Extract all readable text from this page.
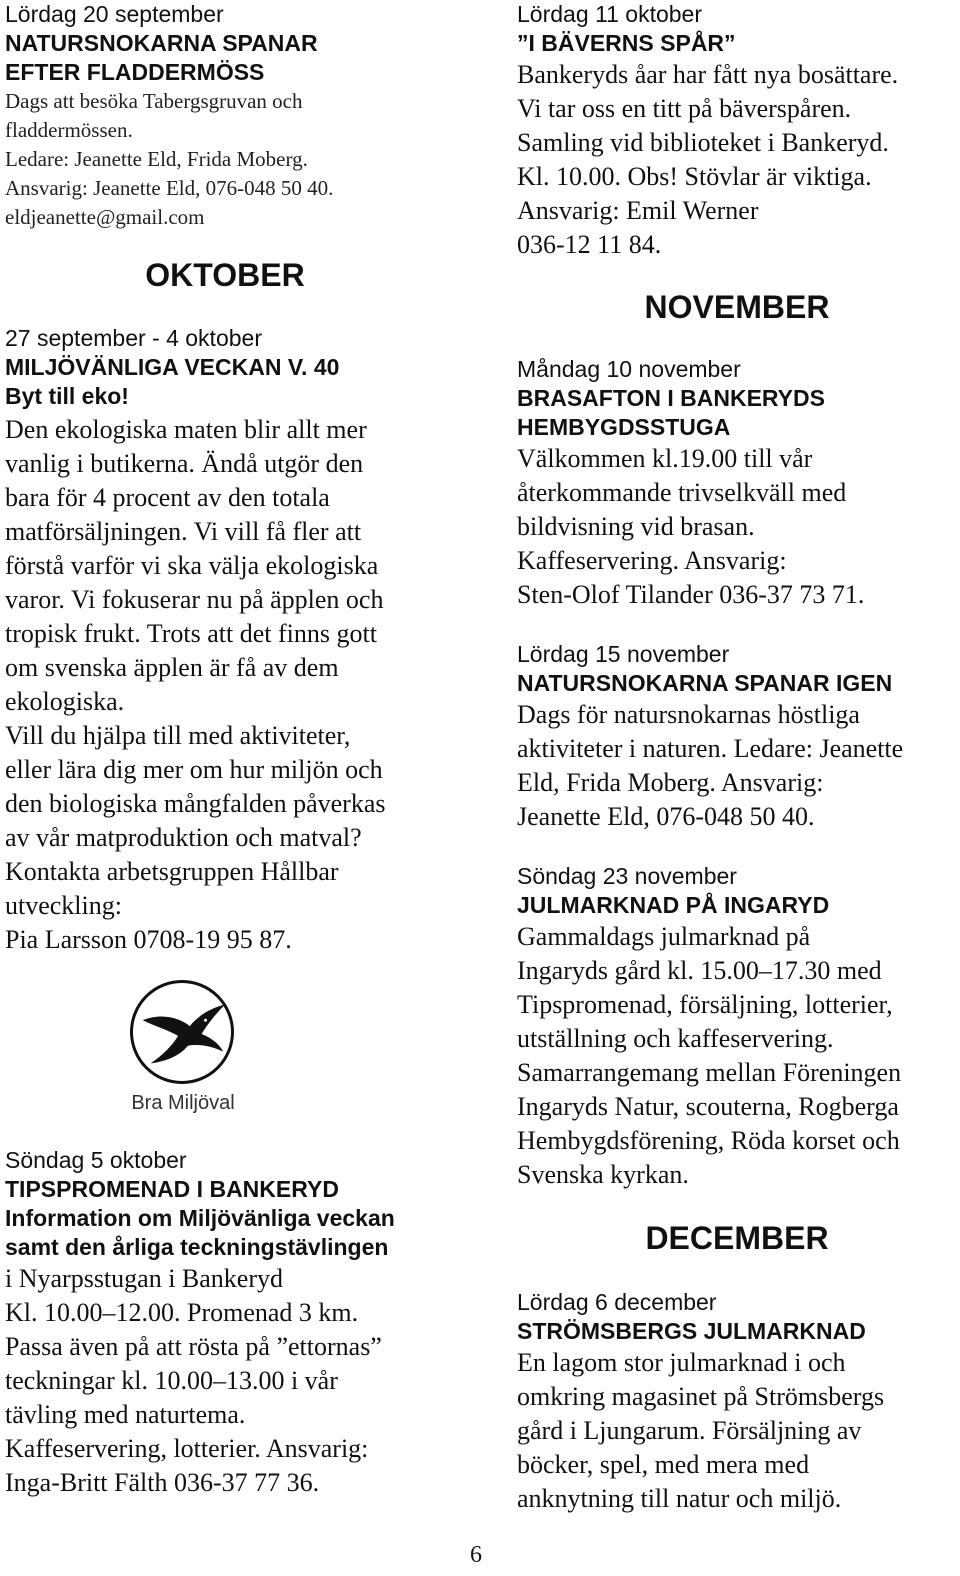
Lördag 20 september
NATURSNOKARNA SPANAR
EFTER FLADDERMÖSS
Dags att besöka Tabergsgruvan och
fladdermössen.
Ledare: Jeanette Eld, Frida Moberg.
Ansvarig: Jeanette Eld, 076-048 50 40.
eldjeanette@gmail.com
OKTOBER
27 september - 4 oktober
MILJÖVÄNLIGA VECKAN V. 40
Byt till eko!
Den ekologiska maten blir allt mer
vanlig i butikerna. Ändå utgör den
bara för 4 procent av den totala
matförsäljningen. Vi vill få fler att
förstå varför vi ska välja ekologiska
varor. Vi fokuserar nu på äpplen och
tropisk frukt. Trots att det finns gott
om svenska äpplen är få av dem
ekologiska.
Vill du hjälpa till med aktiviteter,
eller lära dig mer om hur miljön och
den biologiska mångfalden påverkas
av vår matproduktion och matval?
Kontakta arbetsgruppen Hållbar
utveckling:
Pia Larsson 0708-19 95 87.
Söndag 5 oktober
TIPSPROMENAD I BANKERYD
Information om Miljövänliga veckan
samt den årliga teckningstävlingen
i Nyarpsstugan i Bankeryd
Kl. 10.00–12.00. Promenad 3 km.
Passa även på att rösta på ”ettornas”
teckningar kl. 10.00–13.00 i vår
tävling med naturtema.
Kaffeservering, lotterier. Ansvarig:
Inga-Britt Fälth 036-37 77 36.
Bra Miljöval
Lördag 11 oktober
”I BÄVERNS SPÅR”
Bankeryds åar har fått nya bosättare.
Vi tar oss en titt på bäverspåren.
Samling vid biblioteket i Bankeryd.
Kl. 10.00. Obs! Stövlar är viktiga.
Ansvarig: Emil Werner
036-12 11 84.
NOVEMBER
Måndag 10 november
BRASAFTON I BANKERYDS
HEMBYGDSSTUGA
Välkommen kl.19.00 till vår
återkommande trivselkväll med
bildvisning vid brasan.
Kaffeservering. Ansvarig:
Sten-Olof Tilander 036-37 73 71.
Lördag 15 november
NATURSNOKARNA SPANAR IGEN
Dags för natursnokarnas höstliga
aktiviteter i naturen. Ledare: Jeanette
Eld, Frida Moberg. Ansvarig:
Jeanette Eld, 076-048 50 40.
Söndag 23 november
JULMARKNAD PÅ INGARYD
Gammaldags julmarknad på
Ingaryds gård kl. 15.00–17.30 med
Tipspromenad, försäljning, lotterier,
utställning och kaffeservering.
Samarrangemang mellan Föreningen
Ingaryds Natur, scouterna, Rogberga
Hembygdsförening, Röda korset och
Svenska kyrkan.
DECEMBER
Lördag 6 december
STRÖMSBERGS JULMARKNAD
En lagom stor julmarknad i och
omkring magasinet på Strömsbergs
gård i Ljungarum. Försäljning av
böcker, spel, med mera med
anknytning till natur och miljö.
6
